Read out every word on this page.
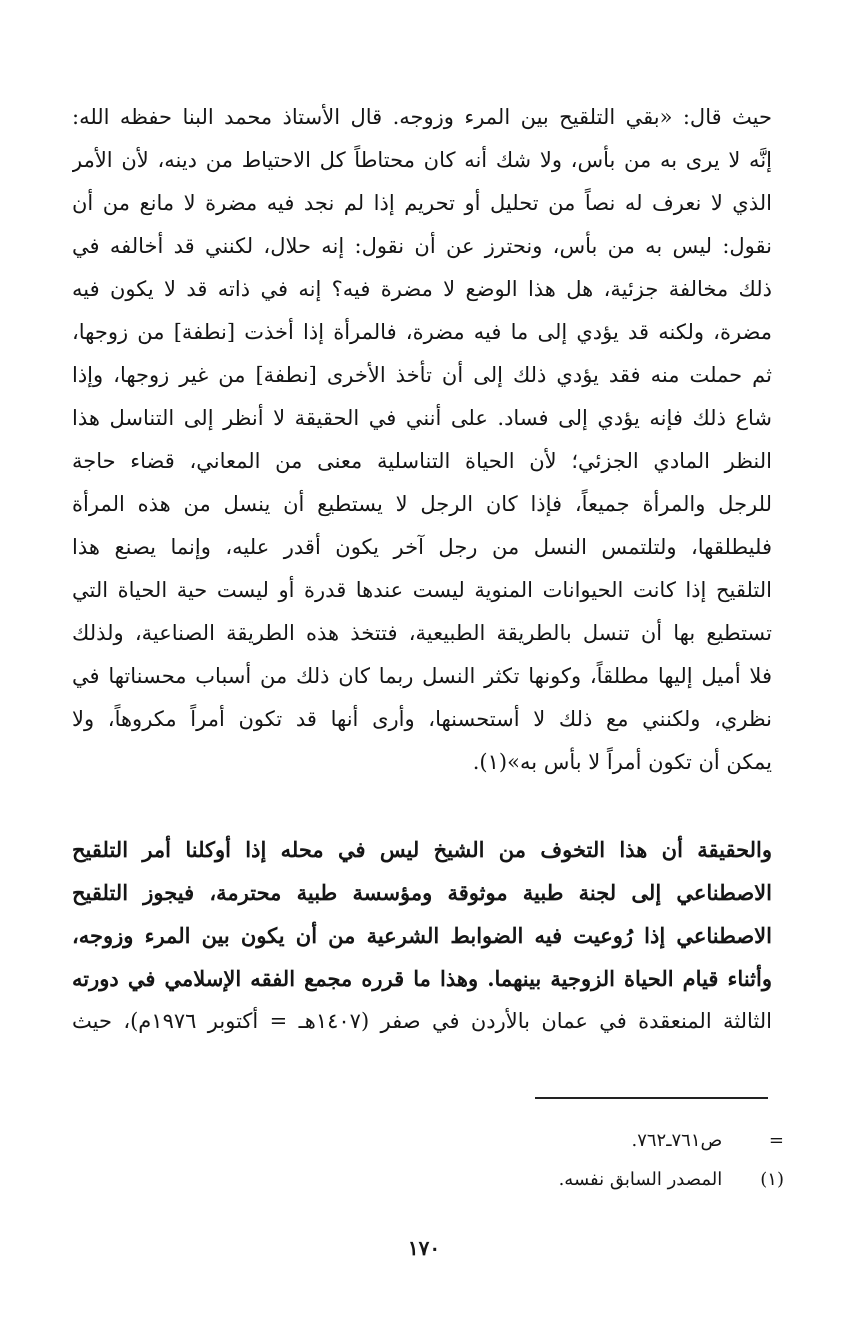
حيث قال: «بقي التلقيح بين المرء وزوجه. قال الأستاذ محمد البنا حفظه الله:
إنَّه لا يرى به من بأس، ولا شك أنه كان محتاطاً كل الاحتياط من دينه، لأن الأمر
الذي لا نعرف له نصاً من تحليل أو تحريم إذا لم نجد فيه مضرة لا مانع من أن
نقول: ليس به من بأس، ونحترز عن أن نقول: إنه حلال، لكنني قد أخالفه في
ذلك مخالفة جزئية، هل هذا الوضع لا مضرة فيه؟ إنه في ذاته قد لا يكون فيه
مضرة، ولكنه قد يؤدي إلى ما فيه مضرة، فالمرأة إذا أخذت [نطفة] من زوجها،
ثم حملت منه فقد يؤدي ذلك إلى أن تأخذ الأخرى [نطفة] من غير زوجها، وإذا
شاع ذلك فإنه يؤدي إلى فساد. على أنني في الحقيقة لا أنظر إلى التناسل هذا
النظر المادي الجزئي؛ لأن الحياة التناسلية معنى من المعاني، قضاء حاجة
للرجل والمرأة جميعاً، فإذا كان الرجل لا يستطيع أن ينسل من هذه المرأة
فليطلقها، ولتلتمس النسل من رجل آخر يكون أقدر عليه، وإنما يصنع هذا
التلقيح إذا كانت الحيوانات المنوية ليست عندها قدرة أو ليست حية الحياة التي
تستطيع بها أن تنسل بالطريقة الطبيعية، فتتخذ هذه الطريقة الصناعية، ولذلك
فلا أميل إليها مطلقاً، وكونها تكثر النسل ربما كان ذلك من أسباب محسناتها في
نظري، ولكنني مع ذلك لا أستحسنها، وأرى أنها قد تكون أمراً مكروهاً، ولا
يمكن أن تكون أمراً لا بأس به»(١).
والحقيقة أن هذا التخوف من الشيخ ليس في محله إذا أوكلنا أمر التلقيح
الاصطناعي إلى لجنة طبية موثوقة ومؤسسة طبية محترمة، فيجوز التلقيح
الاصطناعي إذا رُوعيت فيه الضوابط الشرعية من أن يكون بين المرء وزوجه،
وأثناء قيام الحياة الزوجية بينهما. وهذا ما قرره مجمع الفقه الإسلامي في دورته
الثالثة المنعقدة في عمان بالأردن في صفر (١٤٠٧هـ = أكتوبر ١٩٧٦م)، حيث
= ص٧٦١ـ٧٦٢.
(١) المصدر السابق نفسه.
١٧٠
